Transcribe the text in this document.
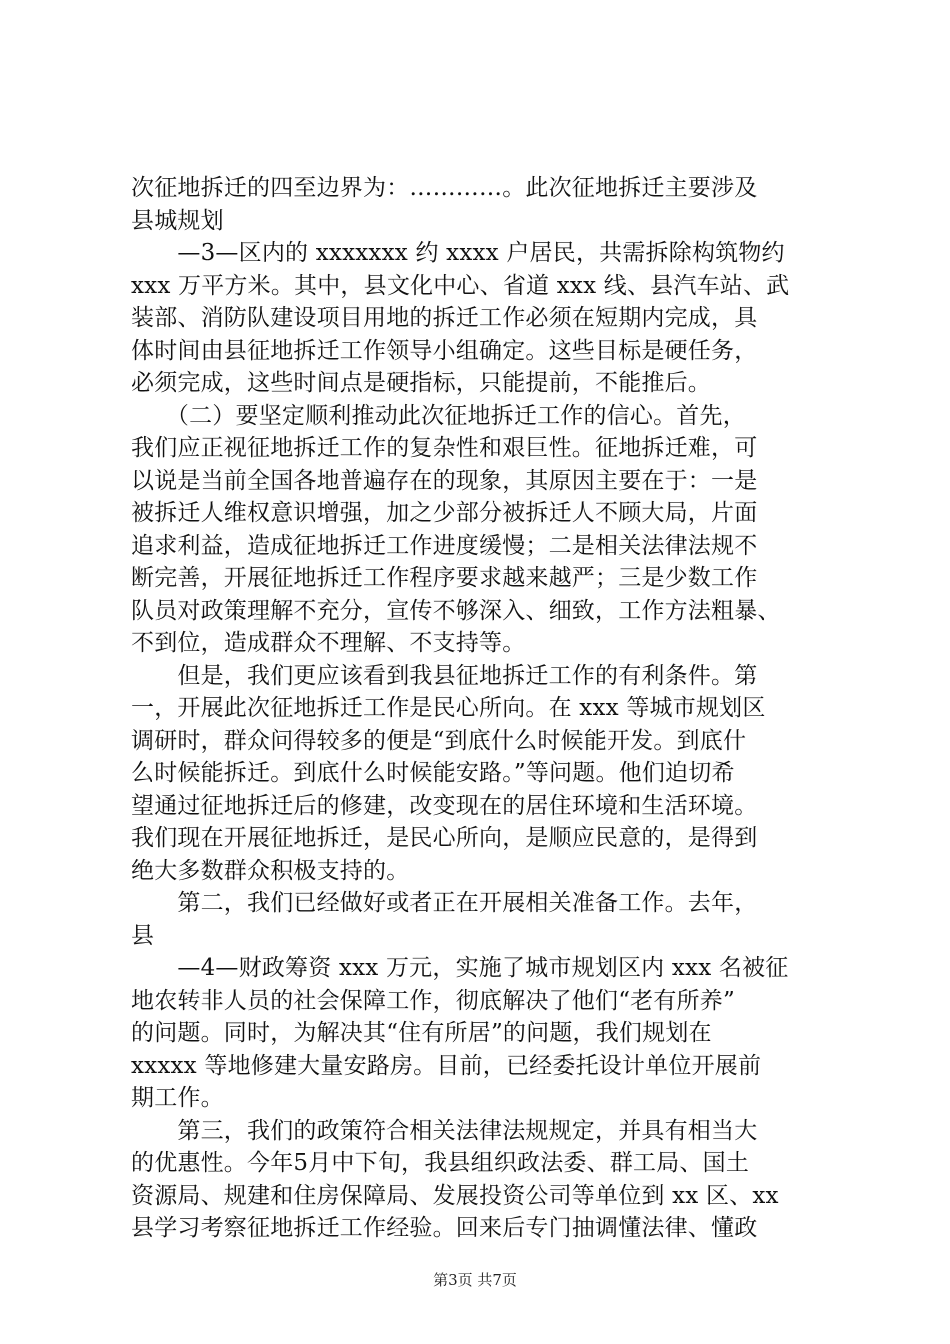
次征地拆迁的四至边界为：…………。此次征地拆迁主要涉及
县城规划
　　—3—区内的 xxxxxxx 约 xxxx 户居民，共需拆除构筑物约
xxx 万平方米。其中，县文化中心、省道 xxx 线、县汽车站、武
装部、消防队建设项目用地的拆迁工作必须在短期内完成，具
体时间由县征地拆迁工作领导小组确定。这些目标是硬任务，
必须完成，这些时间点是硬指标，只能提前，不能推后。
　　（二）要坚定顺利推动此次征地拆迁工作的信心。首先，
我们应正视征地拆迁工作的复杂性和艰巨性。征地拆迁难，可
以说是当前全国各地普遍存在的现象，其原因主要在于：一是
被拆迁人维权意识增强，加之少部分被拆迁人不顾大局，片面
追求利益，造成征地拆迁工作进度缓慢；二是相关法律法规不
断完善，开展征地拆迁工作程序要求越来越严；三是少数工作
队员对政策理解不充分，宣传不够深入、细致，工作方法粗暴、
不到位，造成群众不理解、不支持等。
　　但是，我们更应该看到我县征地拆迁工作的有利条件。第
一，开展此次征地拆迁工作是民心所向。在 xxx 等城市规划区
调研时，群众问得较多的便是“到底什么时候能开发。到底什
么时候能拆迁。到底什么时候能安路。”等问题。他们迫切希
望通过征地拆迁后的修建，改变现在的居住环境和生活环境。
我们现在开展征地拆迁，是民心所向，是顺应民意的，是得到
绝大多数群众积极支持的。
　　第二，我们已经做好或者正在开展相关准备工作。去年，
县
　　—4—财政筹资 xxx 万元，实施了城市规划区内 xxx 名被征
地农转非人员的社会保障工作，彻底解决了他们“老有所养”
的问题。同时，为解决其“住有所居”的问题，我们规划在
xxxxx 等地修建大量安路房。目前，已经委托设计单位开展前
期工作。
　　第三，我们的政策符合相关法律法规规定，并具有相当大
的优惠性。今年5月中下旬，我县组织政法委、群工局、国土
资源局、规建和住房保障局、发展投资公司等单位到 xx 区、xx
县学习考察征地拆迁工作经验。回来后专门抽调懂法律、懂政
第3页 共7页
